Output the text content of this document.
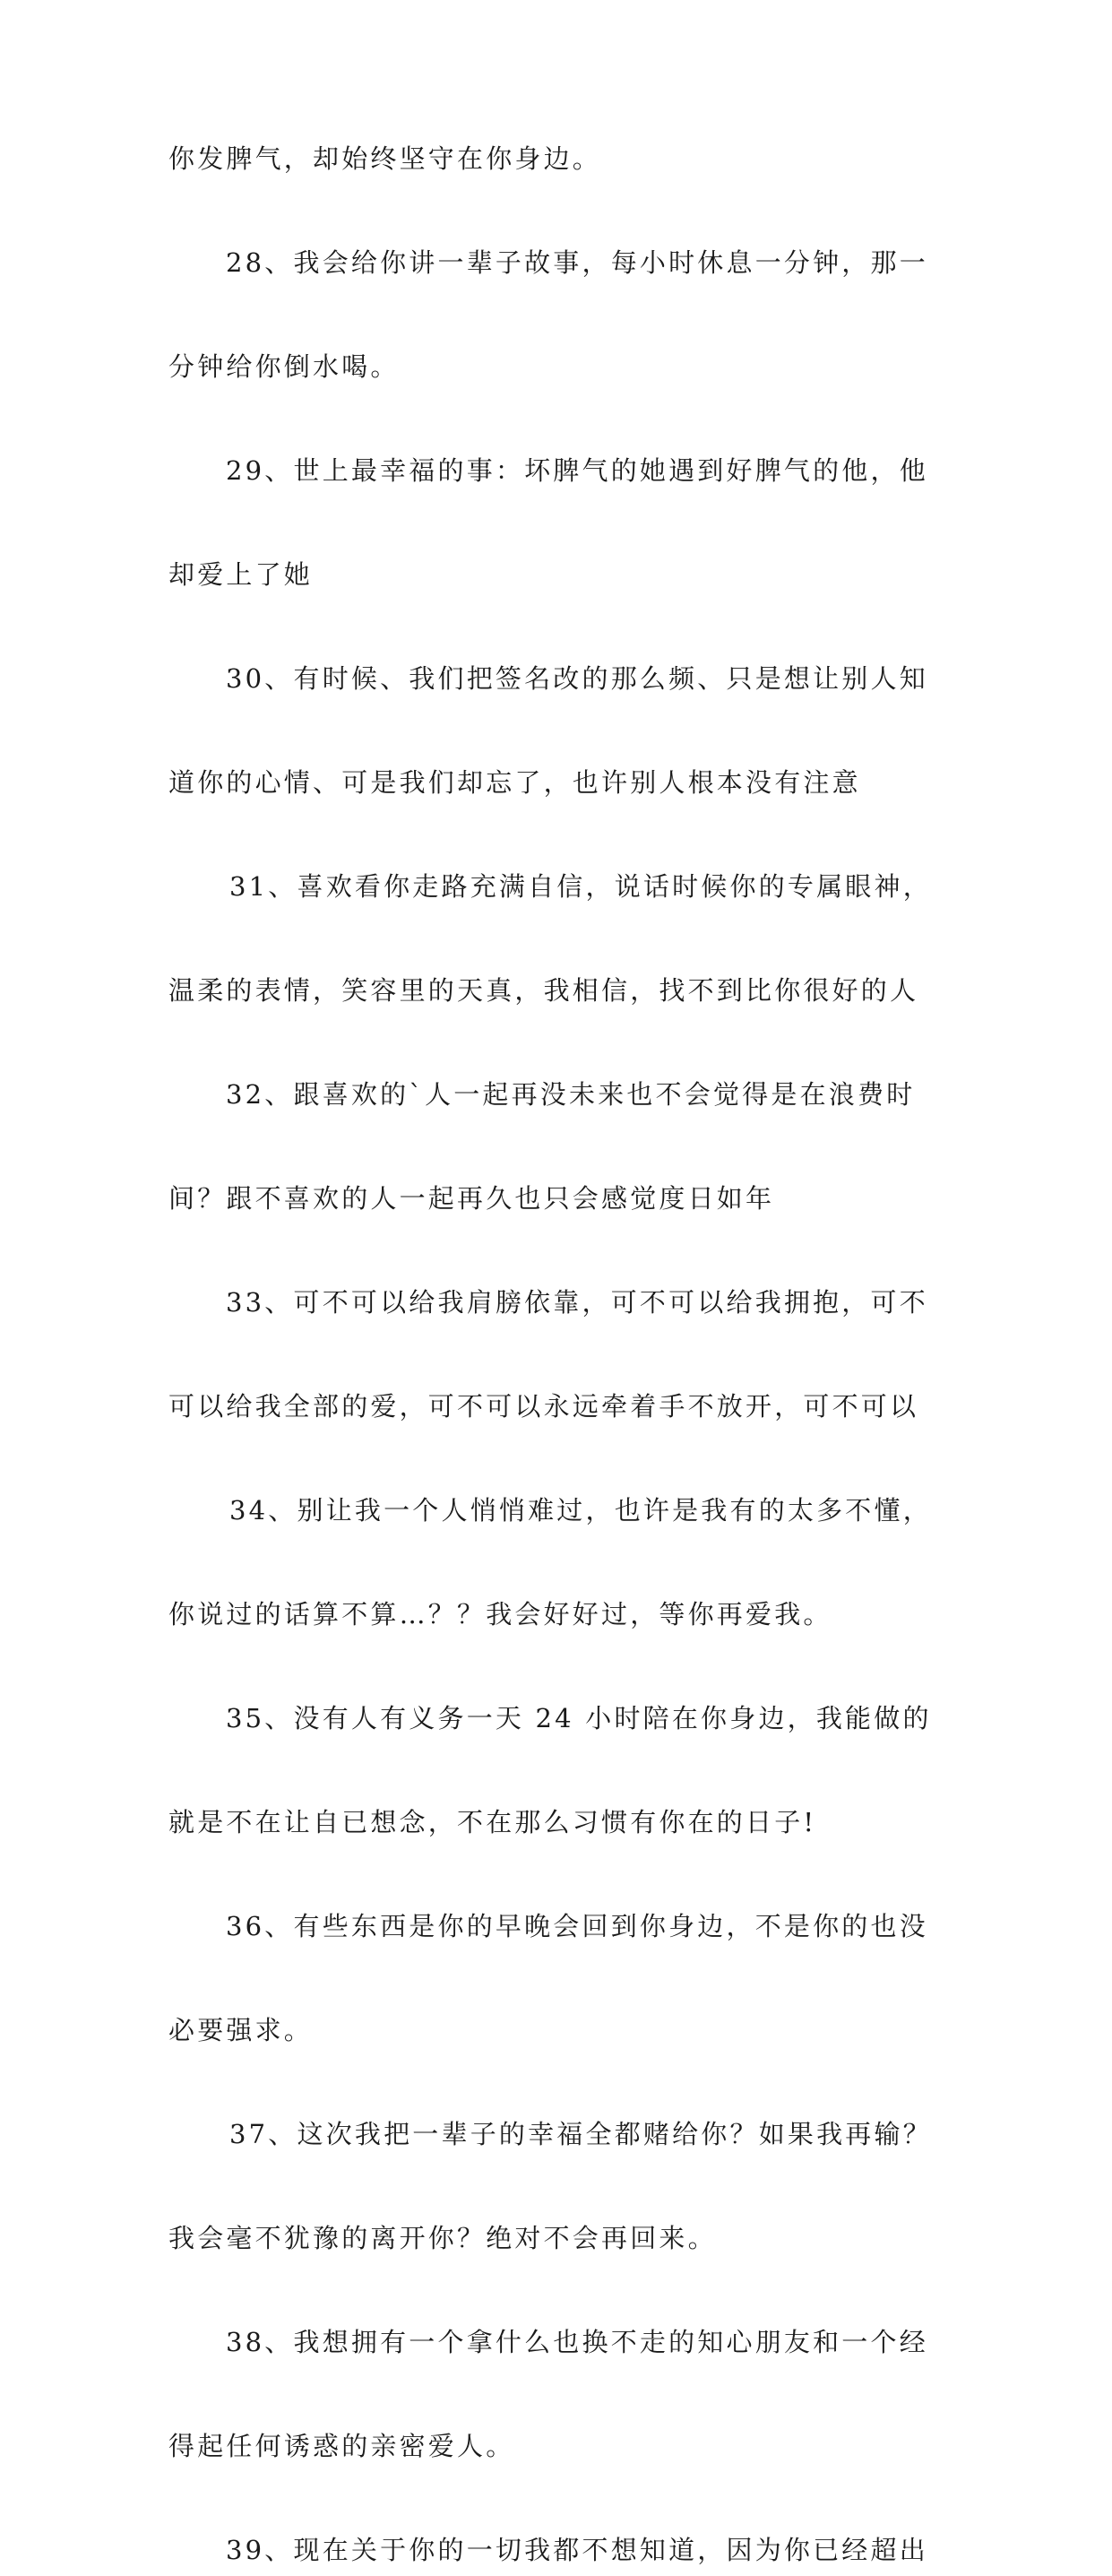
你发脾气，却始终坚守在你身边。
28、我会给你讲一辈子故事，每小时休息一分钟，那一
分钟给你倒水喝。
29、世上最幸福的事：坏脾气的她遇到好脾气的他，他
却爱上了她
30、有时候、我们把签名改的那么频、只是想让别人知
道你的心情、可是我们却忘了，也许别人根本没有注意
31、喜欢看你走路充满自信，说话时候你的专属眼神，
温柔的表情，笑容里的天真，我相信，找不到比你很好的人
32、跟喜欢的`人一起再没未来也不会觉得是在浪费时
间？跟不喜欢的人一起再久也只会感觉度日如年
33、可不可以给我肩膀依靠，可不可以给我拥抱，可不
可以给我全部的爱，可不可以永远牵着手不放开，可不可以
34、别让我一个人悄悄难过，也许是我有的太多不懂，
你说过的话算不算…？？我会好好过，等你再爱我。
35、没有人有义务一天 24 小时陪在你身边，我能做的
就是不在让自已想念，不在那么习惯有你在的日子!
36、有些东西是你的早晚会回到你身边，不是你的也没
必要强求。
37、这次我把一辈子的幸福全都赌给你？如果我再输？
我会毫不犹豫的离开你？绝对不会再回来。
38、我想拥有一个拿什么也换不走的知心朋友和一个经
得起任何诱惑的亲密爱人。
39、现在关于你的一切我都不想知道，因为你已经超出
